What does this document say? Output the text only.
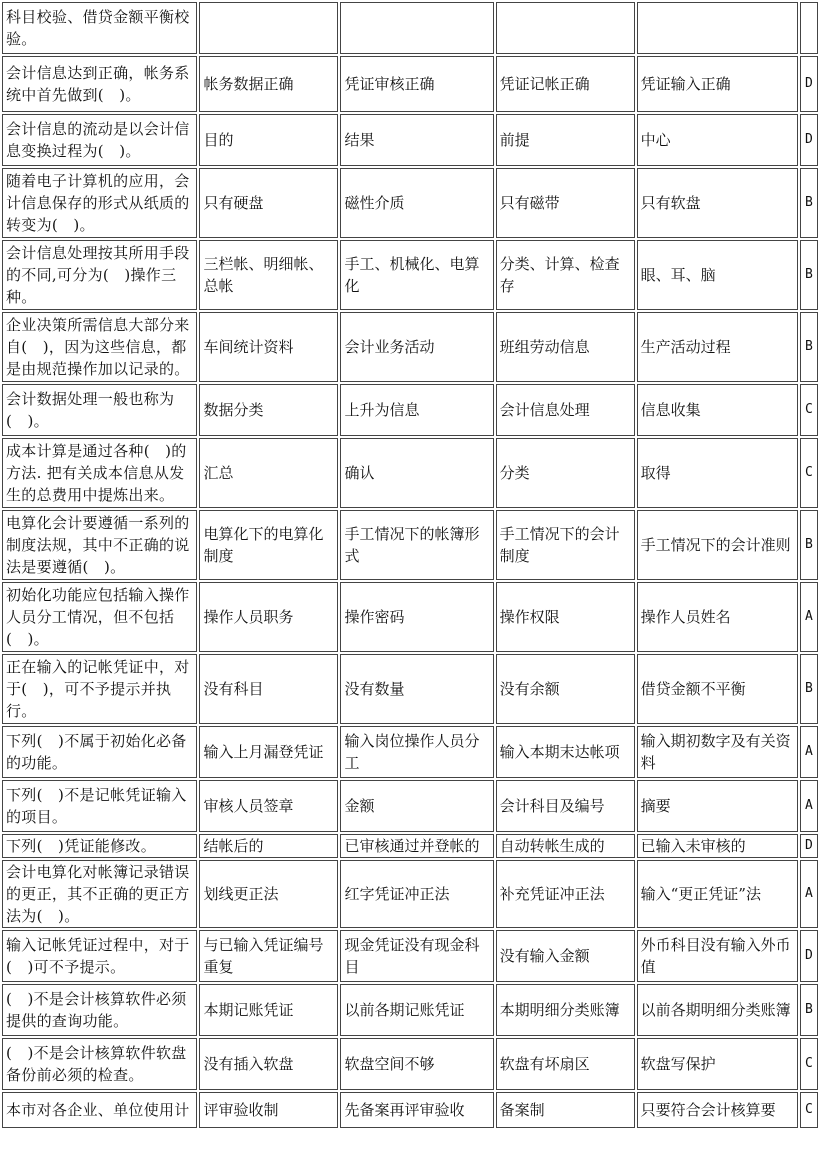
科目校验、借贷金额平衡校验。					
会计信息达到正确，帐务系统中首先做到(　)。	帐务数据正确	凭证审核正确	凭证记帐正确	凭证输入正确	D
会计信息的流动是以会计信息变换过程为(　)。	目的	结果	前提	中心	D
随着电子计算机的应用，会计信息保存的形式从纸质的转变为(　)。	只有硬盘	磁性介质	只有磁带	只有软盘	B
会计信息处理按其所用手段的不同,可分为(　)操作三种。	三栏帐、明细帐、总帐	手工、机械化、电算化	分类、计算、检查存	眼、耳、脑	B
企业决策所需信息大部分来自(　)，因为这些信息，都是由规范操作加以记录的。	车间统计资料	会计业务活动	班组劳动信息	生产活动过程	B
会计数据处理一般也称为(　)。	数据分类	上升为信息	会计信息处理	信息收集	C
成本计算是通过各种(　)的方法. 把有关成本信息从发生的总费用中提炼出来。	汇总	确认	分类	取得	C
电算化会计要遵循一系列的制度法规，其中不正确的说法是要遵循(　)。	电算化下的电算化制度	手工情况下的帐簿形式	手工情况下的会计制度	手工情况下的会计准则	B
初始化功能应包括输入操作人员分工情况，但不包括(　)。	操作人员职务	操作密码	操作权限	操作人员姓名	A
正在输入的记帐凭证中，对于(　)，可不予提示并执行。	没有科目	没有数量	没有余额	借贷金额不平衡	B
下列(　)不属于初始化必备的功能。	输入上月漏登凭证	输入岗位操作人员分工	输入本期末达帐项	输入期初数字及有关资料	A
下列(　)不是记帐凭证输入的项目。	审核人员签章	金额	会计科目及编号	摘要	A
下列(　)凭证能修改。	结帐后的	已审核通过并登帐的	自动转帐生成的	已输入未审核的	D
会计电算化对帐簿记录错误的更正，其不正确的更正方法为(　)。	划线更正法	红字凭证冲正法	补充凭证冲正法	输入“更正凭证”法	A
输入记帐凭证过程中，对于(　)可不予提示。	与已输入凭证编号重复	现金凭证没有现金科目	没有输入金额	外币科目没有输入外币值	D
(　)不是会计核算软件必须提供的查询功能。	本期记账凭证	以前各期记账凭证	本期明细分类账簿	以前各期明细分类账簿	B
(　)不是会计核算软件软盘备份前必须的检查。	没有插入软盘	软盘空间不够	软盘有坏扇区	软盘写保护	C
本市对各企业、单位使用计	评审验收制	先备案再评审验收	备案制	只要符合会计核算要	C
